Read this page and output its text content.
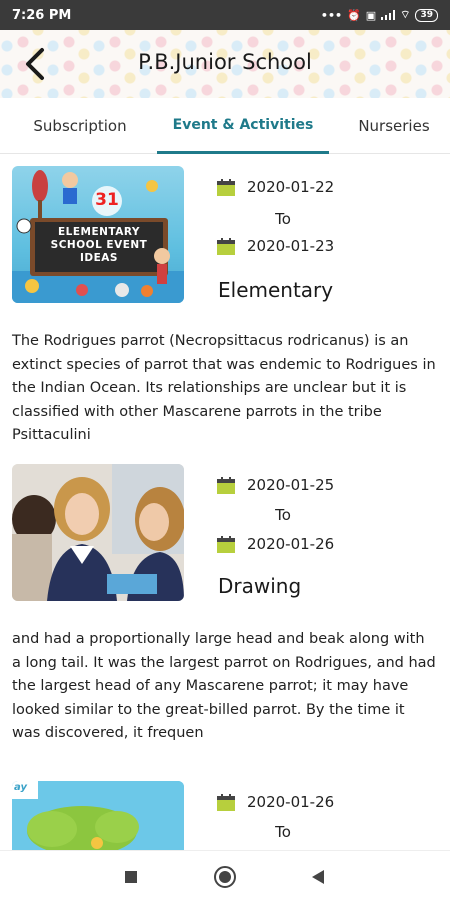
7:26 PM	••• ⏰ ▣ ⌔	39
P.B.Junior School
Subscription	Event & Activities	Nurseries
31
ELEMENTARY SCHOOL EVENT IDEAS
2020-01-22
To
2020-01-23
Elementary
The Rodrigues parrot (Necropsittacus rodricanus) is an extinct species of parrot that was endemic to Rodrigues in the Indian Ocean. Its relationships are unclear but it is classified with other Mascarene parrots in the tribe Psittaculini
2020-01-25
To
2020-01-26
Drawing
and had a proportionally large head and beak along with a long tail. It was the largest parrot on Rodrigues, and had the largest head of any Mascarene parrot; it may have looked similar to the great-billed parrot. By the time it was discovered, it frequen
ay
2020-01-26
To
